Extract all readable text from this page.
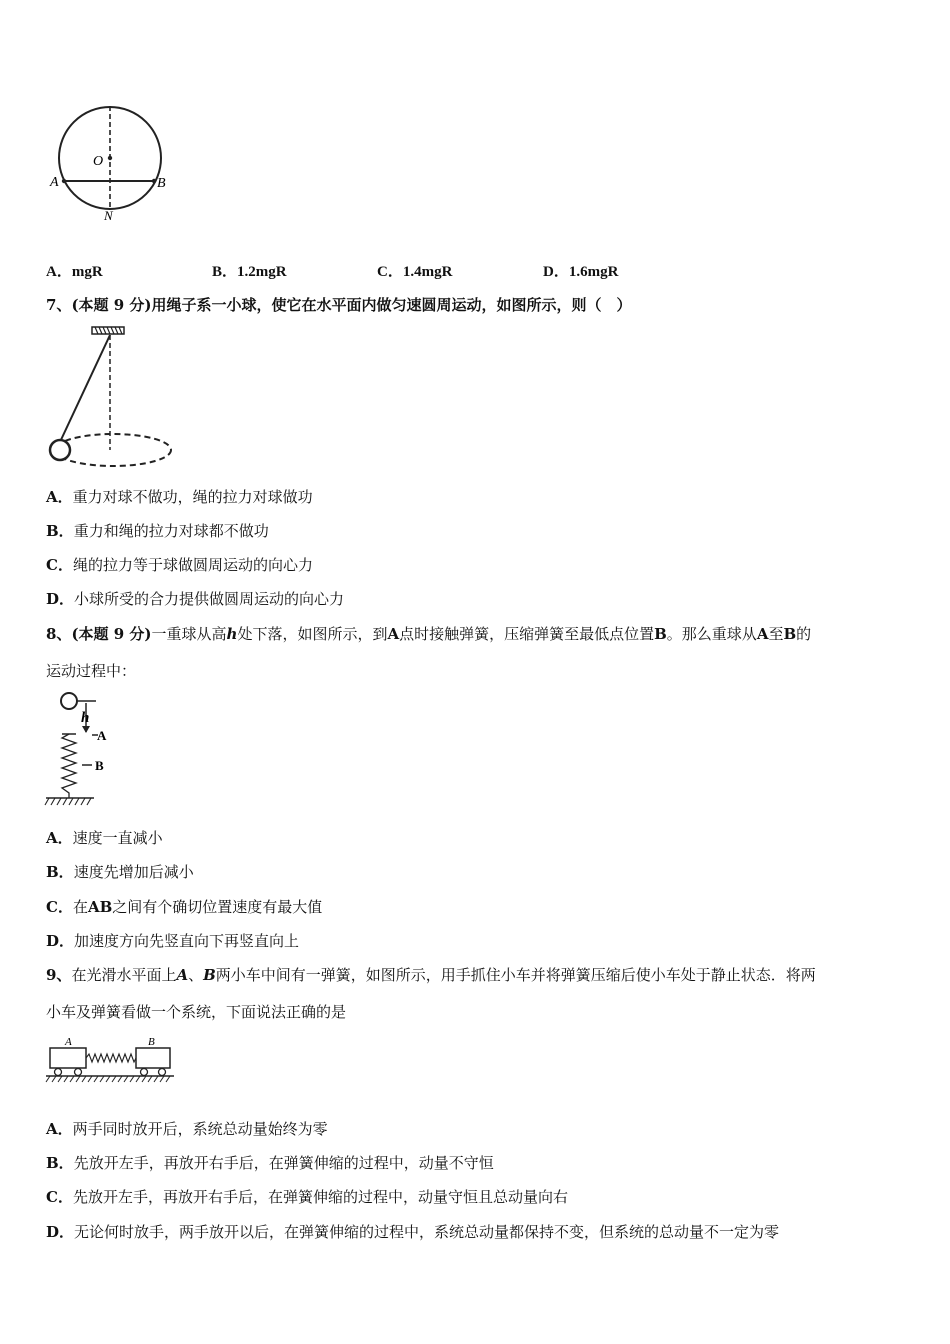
O
A	B
N
A．mgR	B．1.2mgR	C．1.4mgR	D．1.6mgR
7、(本题 9 分)用绳子系一小球，使它在水平面内做匀速圆周运动，如图所示，则（　）
A．重力对球不做功，绳的拉力对球做功
B．重力和绳的拉力对球都不做功
C．绳的拉力等于球做圆周运动的向心力
D．小球所受的合力提供做圆周运动的向心力
8、(本题 9 分)一重球从高h处下落，如图所示，到A点时接触弹簧，压缩弹簧至最低点位置B。那么重球从A至B的
运动过程中：
h
A
B
A．速度一直减小
B．速度先增加后减小
C．在AB之间有个确切位置速度有最大值
D．加速度方向先竖直向下再竖直向上
9、在光滑水平面上A、B两小车中间有一弹簧，如图所示，用手抓住小车并将弹簧压缩后使小车处于静止状态．将两
小车及弹簧看做一个系统，下面说法正确的是
A	B
A．两手同时放开后，系统总动量始终为零
B．先放开左手，再放开右手后，在弹簧伸缩的过程中，动量不守恒
C．先放开左手，再放开右手后，在弹簧伸缩的过程中，动量守恒且总动量向右
D．无论何时放手，两手放开以后，在弹簧伸缩的过程中，系统总动量都保持不变，但系统的总动量不一定为零
